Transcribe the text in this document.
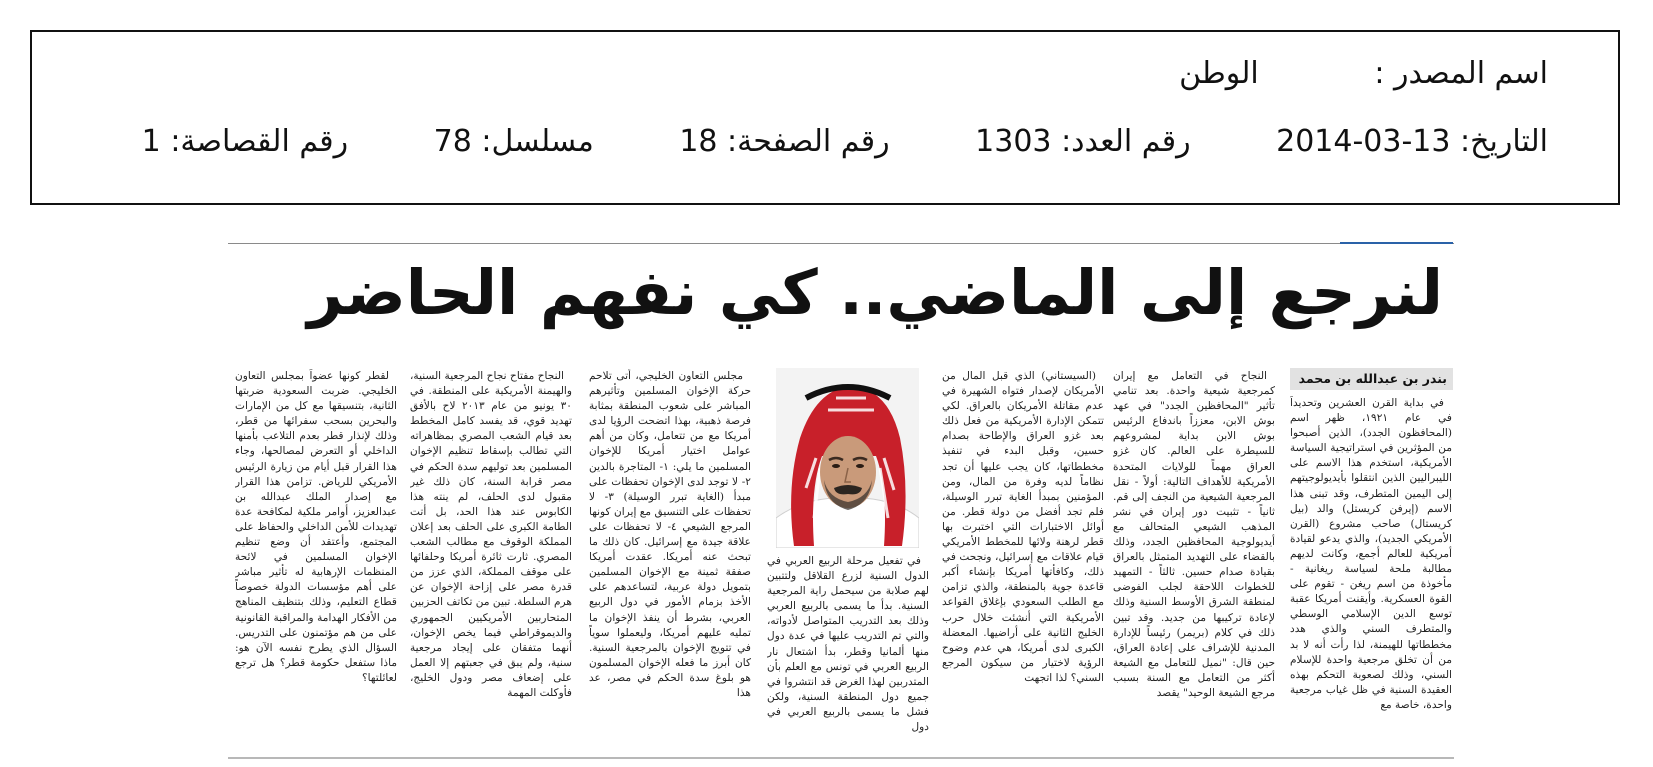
اسم المصدر : الوطن
التاريخ: 2014-03-13 رقم العدد: 1303 رقم الصفحة: 18 مسلسل: 78 رقم القصاصة: 1
لنرجع إلى الماضي.. كي نفهم الحاضر
بندر بن عبدالله بن محمد

في بداية القرن العشرين وتحديداً في عام ١٩٢١، ظهر اسم (المحافظون الجدد)، الذين أصبحوا من المؤثرين في استراتيجية السياسة الأمريكية، استخدم هذا الاسم على الليبراليين الذين انتقلوا بأيديولوجيتهم إلى اليمين المتطرف، وقد تبنى هذا الاسم (إيرفن كريستل) والد (بيل كريستال) صاحب مشروع (القرن الأمريكي الجديد)، والذي يدعو لقيادة أمريكية للعالم أجمع، وكانت لديهم مطالبة ملحة لسياسة ريغانية - مأخوذة من اسم ريغن - تقوم على القوة العسكرية. وأيقنت أمريكا عقبة توسع الدين الإسلامي الوسطي والمتطرف السني والذي هدد مخططاتها للهيمنة، لذا رأت أنه لا بد من أن تخلق مرجعية واحدة للإسلام السني، وذلك لصعوبة التحكم بهذه العقيدة السنية في ظل غياب مرجعية واحدة، خاصة مع

النجاح في التعامل مع إيران كمرجعية شيعية واحدة. بعد تنامي تأثير "المحافظين الجدد" في عهد بوش الابن، معززاً باندفاع الرئيس بوش الابن بداية لمشروعهم للسيطرة على العالم. كان غزو العراق مهماً للولايات المتحدة الأمريكية للأهداف التالية: أولاً - نقل المرجعية الشيعية من النجف إلى قم. ثانياً - تثبيت دور إيران في نشر المذهب الشيعي المتحالف مع أيديولوجية المحافظين الجدد، وذلك بالقضاء على التهديد المتمثل بالعراق بقيادة صدام حسين. ثالثاً - التمهيد للخطوات اللاحقة لجلب الفوضى لمنطقة الشرق الأوسط السنية وذلك لإعادة تركيبها من جديد. وقد تبين ذلك في كلام (بريمر) رئيساً للإدارة المدنية للإشراف على إعادة العراق، حين قال: "نميل للتعامل مع الشيعة أكثر من التعامل مع السنة بسبب مرجع الشيعة الوحيد" يقصد

(السيستاني) الذي قبل المال من الأمريكان لإصدار فتواه الشهيرة في عدم مقاتلة الأمريكان بالعراق. لكي تتمكن الإدارة الأمريكية من فعل ذلك بعد غزو العراق والإطاحة بصدام حسين، وقبل البدء في تنفيذ مخططاتها، كان يجب عليها أن تجد نظاماً لديه وفرة من المال، ومن المؤمنين بمبدأ الغاية تبرر الوسيلة، فلم تجد أفضل من دولة قطر. من أوائل الاختبارات التي اختبرت بها قطر لرهنة ولائها للمخطط الأمريكي قيام علاقات مع إسرائيل، ونجحت في ذلك، وكافأتها أمريكا بإنشاء أكبر قاعدة جوية بالمنطقة، والذي تزامن مع الطلب السعودي بإغلاق القواعد الأمريكية التي أنشئت خلال حرب الخليج الثانية على أراضيها. المعضلة الكبرى لدى أمريكا، هي عدم وضوح الرؤية لاختيار من سيكون المرجع السني؟ لذا اتجهت

في تفعيل مرحلة الربيع العربي في الدول السنية لزرع القلاقل ولتتبين لهم صلابة من سيحمل راية المرجعية السنية. بدأ ما يسمى بالربيع العربي وذلك بعد التدريب المتواصل لأدواته، والتي تم التدريب عليها في عدة دول منها ألمانيا وقطر، بدأ اشتعال نار الربيع العربي في تونس مع العلم بأن المتدربين لهذا الغرض قد انتشروا في جميع دول المنطقة السنية، ولكن فشل ما يسمى بالربيع العربي في دول

مجلس التعاون الخليجي، أتى تلاحم حركة الإخوان المسلمين وتأثيرهم المباشر على شعوب المنطقة بمثابة فرصة ذهبية، بهذا اتضحت الرؤيا لدى أمريكا مع من تتعامل، وكان من أهم عوامل اختيار أمريكا للإخوان المسلمين ما يلي: ١- المتاجرة بالدين ٢- لا توجد لدى الإخوان تحفظات على مبدأ (الغاية تبرر الوسيلة) ٣- لا تحفظات على التنسيق مع إيران كونها المرجع الشيعي ٤- لا تحفظات على علاقة جيدة مع إسرائيل. كان ذلك ما تبحث عنه أمريكا. عقدت أمريكا صفقة ثمينة مع الإخوان المسلمين بتمويل دولة عربية، لتساعدهم على الأخذ بزمام الأمور في دول الربيع العربي، بشرط أن ينفذ الإخوان ما تمليه عليهم أمريكا، وليعملوا سوياً في تتويج الإخوان بالمرجعية السنية. كان أبرز ما فعله الإخوان المسلمون هو بلوغ سدة الحكم في مصر، عد هذا

النجاح مفتاح نجاح المرجعية السنية، والهيمنة الأمريكية على المنطقة. في ٣٠ يونيو من عام ٢٠١٣ لاح بالأفق تهديد قوي، قد يفسد كامل المخطط بعد قيام الشعب المصري بمظاهراته التي تطالب بإسقاط تنظيم الإخوان المسلمين بعد توليهم سدة الحكم في مصر قرابة السنة، كان ذلك غير مقبول لدى الحلف، لم ينته هذا الكابوس عند هذا الحد، بل أتت الطامة الكبرى على الحلف بعد إعلان المملكة الوقوف مع مطالب الشعب المصري. ثارت ثائرة أمريكا وحلفائها على موقف المملكة، الذي عزز من قدرة مصر على إزاحة الإخوان عن هرم السلطة. تبين من تكاتف الحزبين المتحاربين الأمريكيين الجمهوري والديموقراطي فيما يخص الإخوان، أنهما متفقان على إيجاد مرجعية سنية، ولم يبق في جعبتهم إلا العمل على إضعاف مصر ودول الخليج، فأوكلت المهمة

لقطر كونها عضواً بمجلس التعاون الخليجي. ضربت السعودية ضربتها الثانية، بتنسيقها مع كل من الإمارات والبحرين بسحب سفرائها من قطر، وذلك لإنذار قطر بعدم التلاعب بأمنها الداخلي أو التعرض لمصالحها، وجاء هذا القرار قبل أيام من زيارة الرئيس الأمريكي للرياض. تزامن هذا القرار مع إصدار الملك عبدالله بن عبدالعزيز، أوامر ملكية لمكافحة عدة تهديدات للأمن الداخلي والحفاظ على المجتمع، وأعتقد أن وضع تنظيم الإخوان المسلمين في لائحة المنظمات الإرهابية له تأثير مباشر على أهم مؤسسات الدولة خصوصاً قطاع التعليم، وذلك بتنظيف المناهج من الأفكار الهدامة والمراقبة القانونية على من هم مؤتمنون على التدريس. السؤال الذي يطرح نفسه الآن هو: ماذا ستفعل حكومة قطر؟ هل ترجع لعائلتها؟
